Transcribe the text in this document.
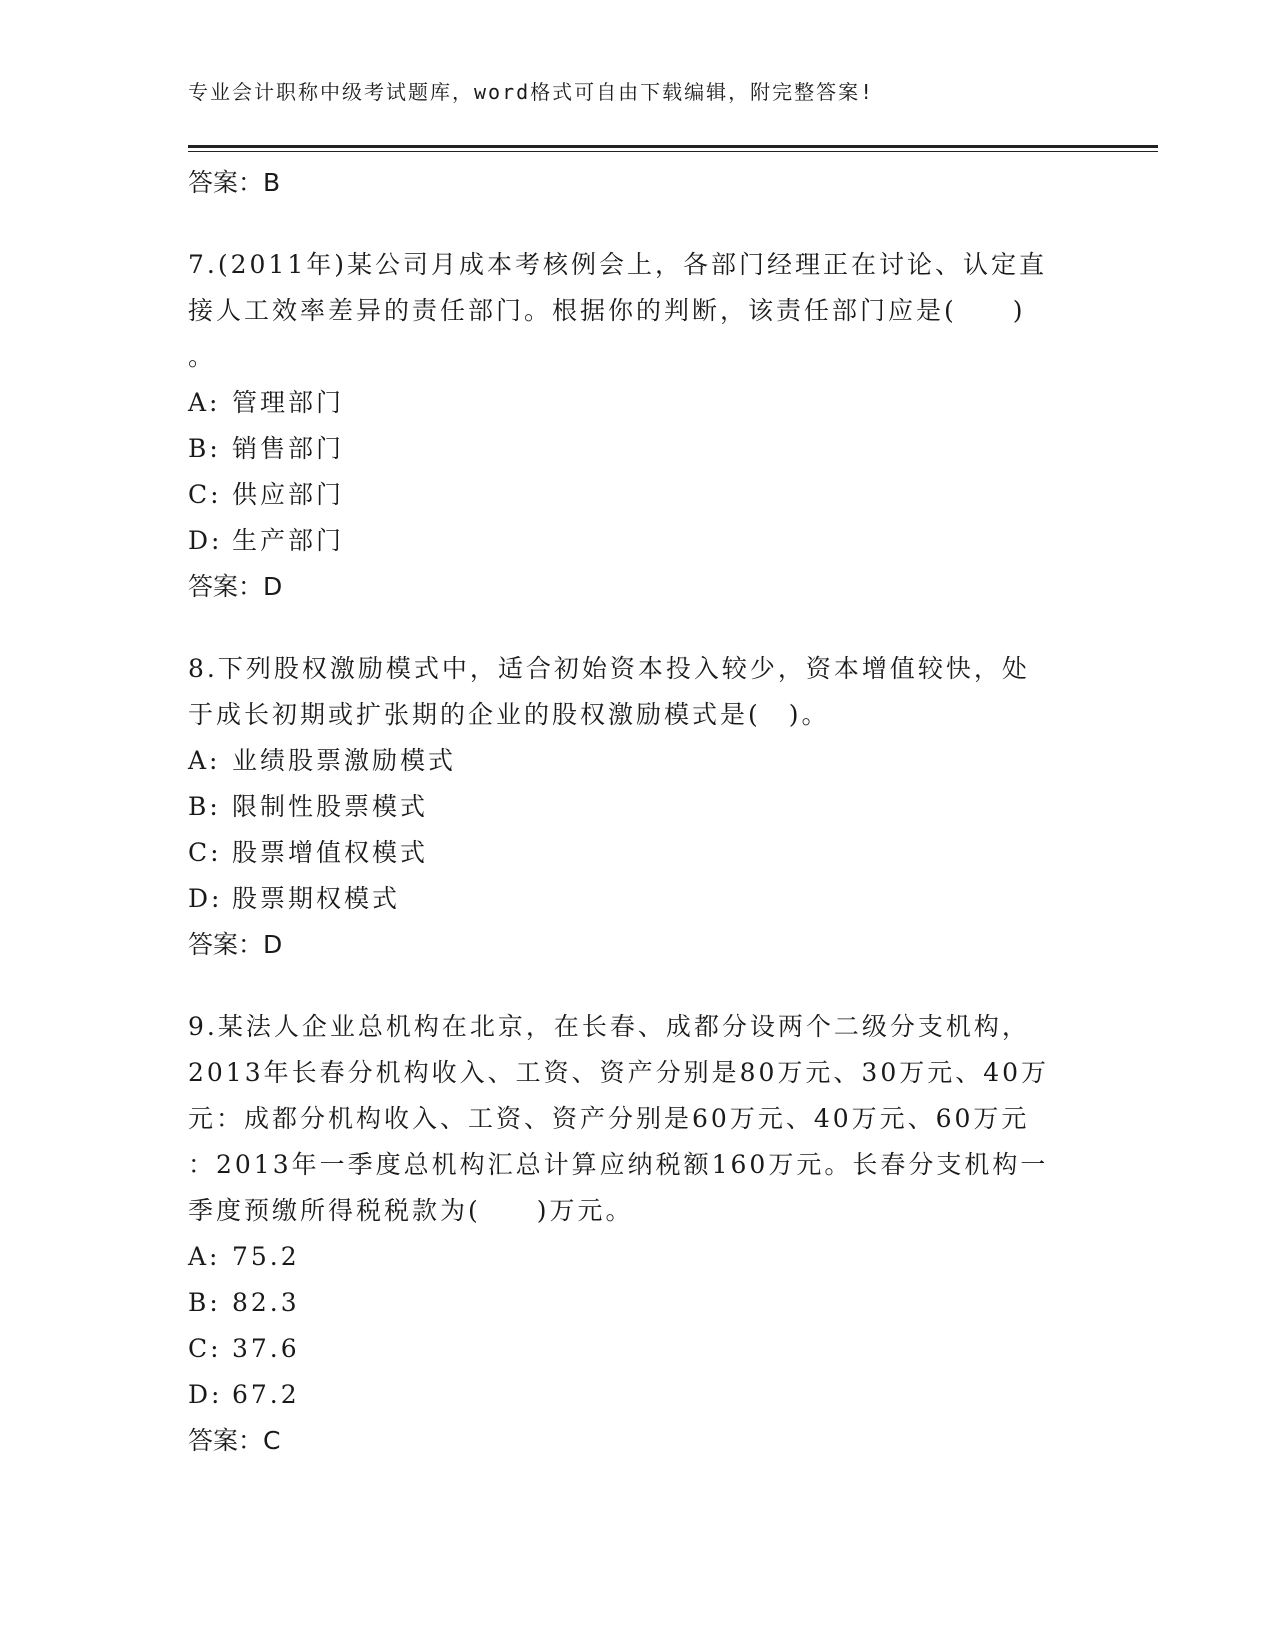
专业会计职称中级考试题库，word格式可自由下载编辑，附完整答案!
答案：B
7.(2011年)某公司月成本考核例会上，各部门经理正在讨论、认定直
接人工效率差异的责任部门。根据你的判断，该责任部门应是(　　)
。
A: 管理部门
B: 销售部门
C: 供应部门
D: 生产部门
答案：D
8.下列股权激励模式中，适合初始资本投入较少，资本增值较快，处
于成长初期或扩张期的企业的股权激励模式是(　)。
A: 业绩股票激励模式
B: 限制性股票模式
C: 股票增值权模式
D: 股票期权模式
答案：D
9.某法人企业总机构在北京，在长春、成都分设两个二级分支机构，
2013年长春分机构收入、工资、资产分别是80万元、30万元、40万
元：成都分机构收入、工资、资产分别是60万元、40万元、60万元
：2013年一季度总机构汇总计算应纳税额160万元。长春分支机构一
季度预缴所得税税款为(　　)万元。
A: 75.2
B: 82.3
C: 37.6
D: 67.2
答案：C
